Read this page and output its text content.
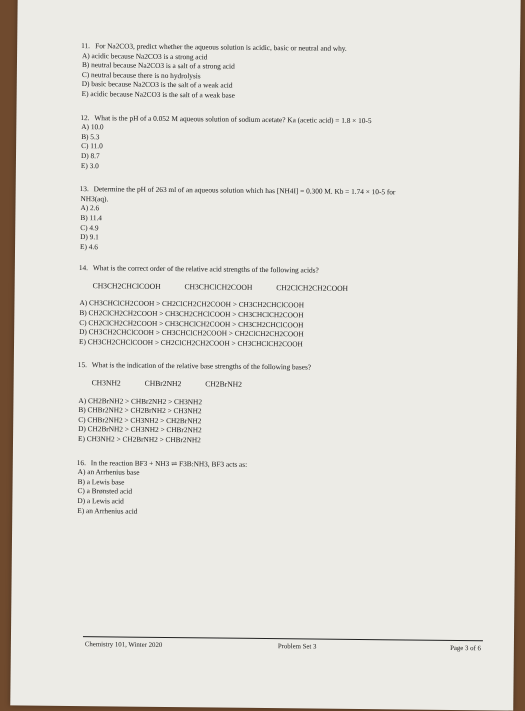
11. For Na2CO3, predict whether the aqueous solution is acidic, basic or neutral and why.
A) acidic because Na2CO3 is a strong acid
B) neutral because Na2CO3 is a salt of a strong acid
C) neutral because there is no hydrolysis
D) basic because Na2CO3 is the salt of a weak acid
E) acidic because Na2CO3 is the salt of a weak base
12. What is the pH of a 0.052 M aqueous solution of sodium acetate? Ka (acetic acid) = 1.8 × 10-5
A) 10.0
B) 5.3
C) 11.0
D) 8.7
E) 3.0
13. Determine the pH of 263 ml of an aqueous solution which has [NH4I] = 0.300 M. Kb = 1.74 × 10-5 for
NH3(aq).
A) 2.6
B) 11.4
C) 4.9
D) 9.1
E) 4.6
14. What is the correct order of the relative acid strengths of the following acids?
CH3CH2CHClCOOH	CH3CHClCH2COOH	CH2ClCH2CH2COOH
A) CH3CHClCH2COOH > CH2ClCH2CH2COOH > CH3CH2CHClCOOH
B) CH2ClCH2CH2COOH > CH3CH2CHClCOOH > CH3CHClCH2COOH
C) CH2ClCH2CH2COOH > CH3CHClCH2COOH > CH3CH2CHClCOOH
D) CH3CH2CHClCOOH > CH3CHClCH2COOH > CH2ClCH2CH2COOH
E) CH3CH2CHClCOOH > CH2ClCH2CH2COOH > CH3CHClCH2COOH
15. What is the indication of the relative base strengths of the following bases?
CH3NH2	CHBr2NH2	CH2BrNH2
A) CH2BrNH2 > CHBr2NH2 > CH3NH2
B) CHBr2NH2 > CH2BrNH2 > CH3NH2
C) CHBr2NH2 > CH3NH2 > CH2BrNH2
D) CH2BrNH2 > CH3NH2 > CHBr2NH2
E) CH3NH2 > CH2BrNH2 > CHBr2NH2
16. In the reaction BF3 + NH3 ⇌ F3B:NH3, BF3 acts as:
A) an Arrhenius base
B) a Lewis base
C) a Brønsted acid
D) a Lewis acid
E) an Arrhenius acid
Chemistry 101, Winter 2020	Problem Set 3	Page 3 of 6
